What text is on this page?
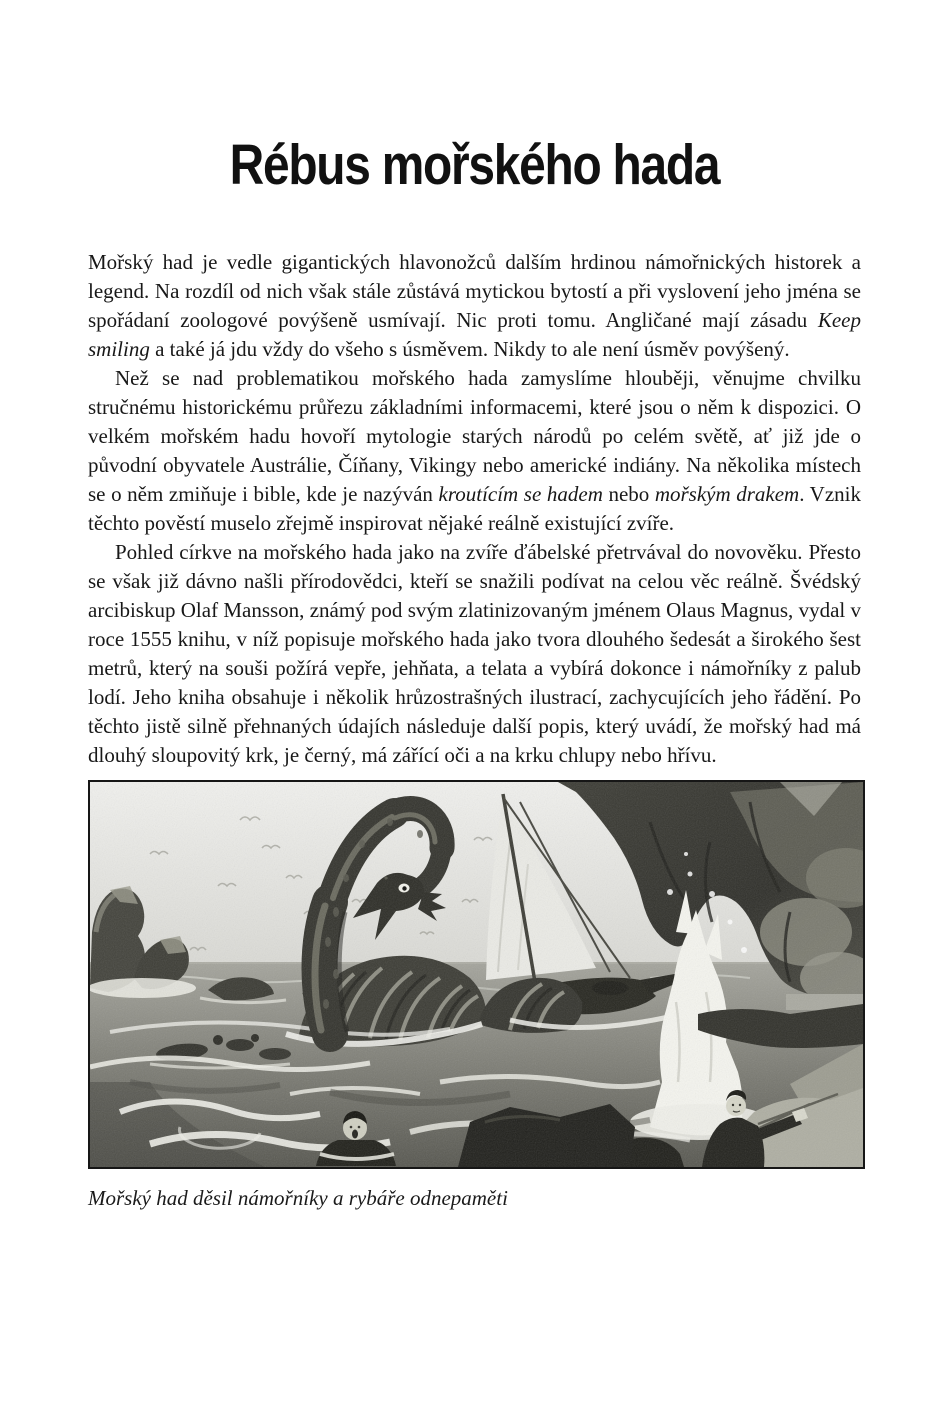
Rébus mořského hada

Mořský had je vedle gigantických hlavonožců dalším hrdinou námořnických historek a legend. Na rozdíl od nich však stále zůstává mytickou bytostí a při vyslovení jeho jména se spořádaní zoologové povýšeně usmívají. Nic proti tomu. Angličané mají zásadu Keep smiling a také já jdu vždy do všeho s úsměvem. Nikdy to ale není úsměv povýšený.

Než se nad problematikou mořského hada zamyslíme hlouběji, věnujme chvilku stručnému historickému průřezu základními informacemi, které jsou o něm k dispozici. O velkém mořském hadu hovoří mytologie starých národů po celém světě, ať již jde o původní obyvatele Austrálie, Číňany, Vikingy nebo americké indiány. Na několika místech se o něm zmiňuje i bible, kde je nazýván kroutícím se hadem nebo mořským drakem. Vznik těchto pověstí muselo zřejmě inspirovat nějaké reálně existující zvíře.

Pohled církve na mořského hada jako na zvíře ďábelské přetrvával do novověku. Přesto se však již dávno našli přírodovědci, kteří se snažili podívat na celou věc reálně. Švédský arcibiskup Olaf Mansson, známý pod svým zlatinizovaným jménem Olaus Magnus, vydal v roce 1555 knihu, v níž popisuje mořského hada jako tvora dlouhého šedesát a širokého šest metrů, který na souši požírá vepře, jehňata, a telata a vybírá dokonce i námořníky z palub lodí. Jeho kniha obsahuje i několik hrůzostrašných ilustrací, zachycujících jeho řádění. Po těchto jistě silně přehnaných údajích následuje další popis, který uvádí, že mořský had má dlouhý sloupovitý krk, je černý, má zářící oči a na krku chlupy nebo hřívu.

Mořský had děsil námořníky a rybáře odnepaměti
